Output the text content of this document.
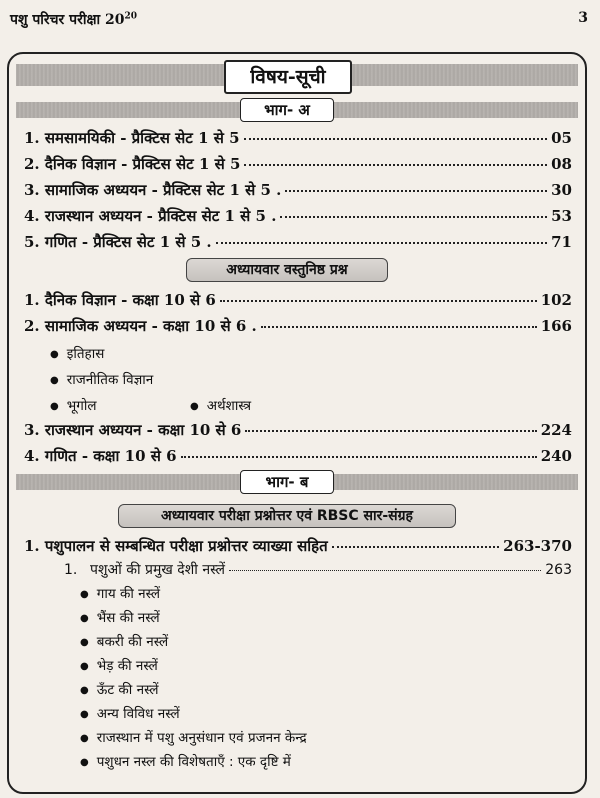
पशु परिचर परीक्षा $20^{20}$	3
विषय-सूची
भाग- अ
1. समसामयिकी - प्रैक्टिस सेट 1 से 5	05
2. दैनिक विज्ञान - प्रैक्टिस सेट 1 से 5	08
3. सामाजिक अध्ययन - प्रैक्टिस सेट 1 से 5 .	30
4. राजस्थान अध्ययन - प्रैक्टिस सेट 1 से 5 .	53
5. गणित - प्रैक्टिस सेट 1 से 5 .	71
अध्यायवार वस्तुनिष्ठ प्रश्न
1. दैनिक विज्ञान - कक्षा 10 से 6	102
2. सामाजिक अध्ययन - कक्षा 10 से 6 .	166
● इतिहास
● राजनीतिक विज्ञान
● भूगोल	● अर्थशास्त्र
3. राजस्थान अध्ययन - कक्षा 10 से 6	224
4. गणित - कक्षा 10 से 6	240
भाग- ब
अध्यायवार परीक्षा प्रश्नोत्तर एवं RBSC सार-संग्रह
1. पशुपालन से सम्बन्धित परीक्षा प्रश्नोत्तर व्याख्या सहित	263-370
1. पशुओं की प्रमुख देशी नस्लें	263
● गाय की नस्लें
● भैंस की नस्लें
● बकरी की नस्लें
● भेड़ की नस्लें
● ऊँट की नस्लें
● अन्य विविध नस्लें
● राजस्थान में पशु अनुसंधान एवं प्रजनन केन्द्र
● पशुधन नस्ल की विशेषताएँ : एक दृष्टि में
